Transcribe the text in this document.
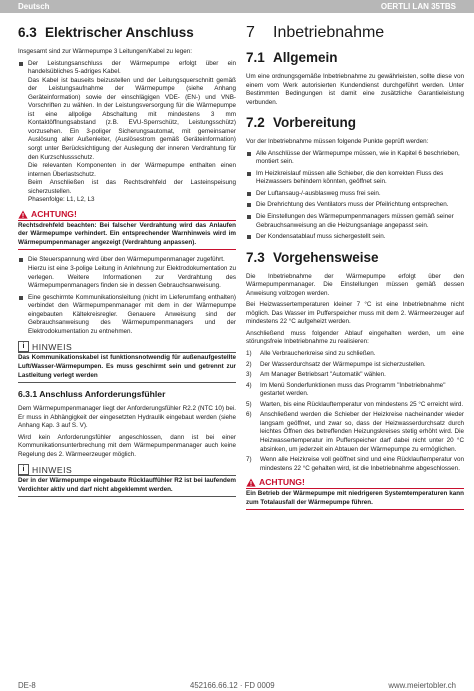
Deutsch	OERTLI LAN 35TBS
6.3 Elektrischer Anschluss

Insgesamt sind zur Wärmepumpe 3 Leitungen/Kabel zu legen:

Der Leistungsanschluss der Wärmepumpe erfolgt über ein handelsübliches 5-adriges Kabel.

Das Kabel ist bauseits beizustellen und der Leitungsquerschnitt gemäß der Leistungsaufnahme der Wärmepumpe (siehe Anhang Geräteinformation) sowie der einschlägigen VDE- (EN-) und VNB-Vorschriften zu wählen. In der Leistungsversorgung für die Wärmepumpe ist eine allpolige Abschaltung mit mindestens 3 mm Kontaktöffnungsabstand (z.B. EVU-Sperrschütz, Leistungsschütz) vorzusehen. Ein 3-poliger Sicherungsautomat, mit gemeinsamer Auslösung aller Außenleiter, (Auslösestrom gemäß Geräteinformation) sorgt unter Berücksichtigung der Auslegung der inneren Verdrahtung für den Kurzschlussschutz.

Die relevanten Komponenten in der Wärmepumpe enthalten einen internen Überlastschutz.

Beim Anschließen ist das Rechtsdrehfeld der Lasteinspeisung sicherzustellen.

Phasenfolge: L1, L2, L3

ACHTUNG!
Rechtsdrehfeld beachten: Bei falscher Verdrahtung wird das Anlaufen der Wärmepumpe verhindert. Ein entsprechender Warnhinweis wird im Wärmepumpenmanager angezeigt (Verdrahtung anpassen).

Die Steuerspannung wird über den Wärmepumpenmanager zugeführt.

Hierzu ist eine 3-polige Leitung in Anlehnung zur Elektrodokumentation zu verlegen. Weitere Informationen zur Verdrahtung des Wärmepumpenmanagers finden sie in dessen Gebrauchsanweisung.

Eine geschirmte Kommunikationsleitung (nicht im Lieferumfang enthalten) verbindet den Wärmepumpenmanager mit dem in der Wärmepumpe eingebauten Kältekreisregler. Genauere Anweisung sind der Gebrauchsanweisung des Wärmepumpenmanagers und der Elektrodokumentation zu entnehmen.

i HINWEIS
Das Kommunikationskabel ist funktionsnotwendig für außenaufgestellte Luft/Wasser-Wärmepumpen. Es muss geschirmt sein und getrennt zur Lastleitung verlegt werden
6.3.1 Anschluss Anforderungsfühler

Dem Wärmepumpenmanager liegt der Anforderungsfühler R2.2 (NTC 10) bei. Er muss in Abhängigkeit der eingesetzten Hydraulik eingebaut werden (siehe Anhang Kap. 3 auf S. V).

Wird kein Anforderungsfühler angeschlossen, dann ist bei einer Kommunikationsunterbrechung mit dem Wärmepumpenmanager auch keine Regelung des 2. Wärmeerzeuger möglich.

i HINWEIS
Der in der Wärmepumpe eingebaute Rücklauffühler R2 ist bei laufendem Verdichter aktiv und darf nicht abgeklemmt werden.
7 Inbetriebnahme
7.1 Allgemein

Um eine ordnungsgemäße Inbetriebnahme zu gewährleisten, sollte diese von einem vom Werk autorisierten Kundendienst durchgeführt werden. Unter Bestimmten Bedingungen ist damit eine zusätzliche Garantieleistung verbunden.

7.2 Vorbereitung

Vor der Inbetriebnahme müssen folgende Punkte geprüft werden:

Alle Anschlüsse der Wärmepumpe müssen, wie in Kapitel 6 beschrieben, montiert sein.

Im Heizkreislauf müssen alle Schieber, die den korrekten Fluss des Heizwassers behindern könnten, geöffnet sein.

Der Luftansaug-/-ausblasweg muss frei sein.

Die Drehrichtung des Ventilators muss der Pfeilrichtung entsprechen.

Die Einstellungen des Wärmepumpenmanagers müssen gemäß seiner Gebrauchsanweisung an die Heizungsanlage angepasst sein.

Der Kondensatablauf muss sichergestellt sein.

7.3 Vorgehensweise

Die Inbetriebnahme der Wärmepumpe erfolgt über den Wärmepumpenmanager. Die Einstellungen müssen gemäß dessen Anweisung vollzogen werden.

Bei Heizwassertemperaturen kleiner 7 °C ist eine Inbetriebnahme nicht möglich. Das Wasser im Pufferspeicher muss mit dem 2. Wärmeerzeuger auf mindestens 22 °C aufgeheizt werden.

Anschließend muss folgender Ablauf eingehalten werden, um eine störungsfreie Inbetriebnahme zu realisieren:

1) Alle Verbraucherkreise sind zu schließen.
2) Der Wasserdurchsatz der Wärmepumpe ist sicherzustellen.
3) Am Manager Betriebsart "Automatik" wählen.
4) Im Menü Sonderfunktionen muss das Programm "Inbetriebnahme" gestartet werden.
5) Warten, bis eine Rücklauftemperatur von mindestens 25 °C erreicht wird.
6) Anschließend werden die Schieber der Heizkreise nacheinander wieder langsam geöffnet, und zwar so, dass der Heizwasserdurchsatz durch leichtes Öffnen des betreffenden Heizungskreises stetig erhöht wird. Die Heizwassertemperatur im Pufferspeicher darf dabei nicht unter 20 °C absinken, um jederzeit ein Abtauen der Wärmepumpe zu ermöglichen.
7) Wenn alle Heizkreise voll geöffnet sind und eine Rücklauftemperatur von mindestens 22 °C gehalten wird, ist die Inbetriebnahme abgeschlossen.
ACHTUNG!
Ein Betrieb der Wärmepumpe mit niedrigeren Systemtemperaturen kann zum Totalausfall der Wärmepumpe führen.
DE-8	452166.66.12 · FD 0009	www.meiertobler.ch
